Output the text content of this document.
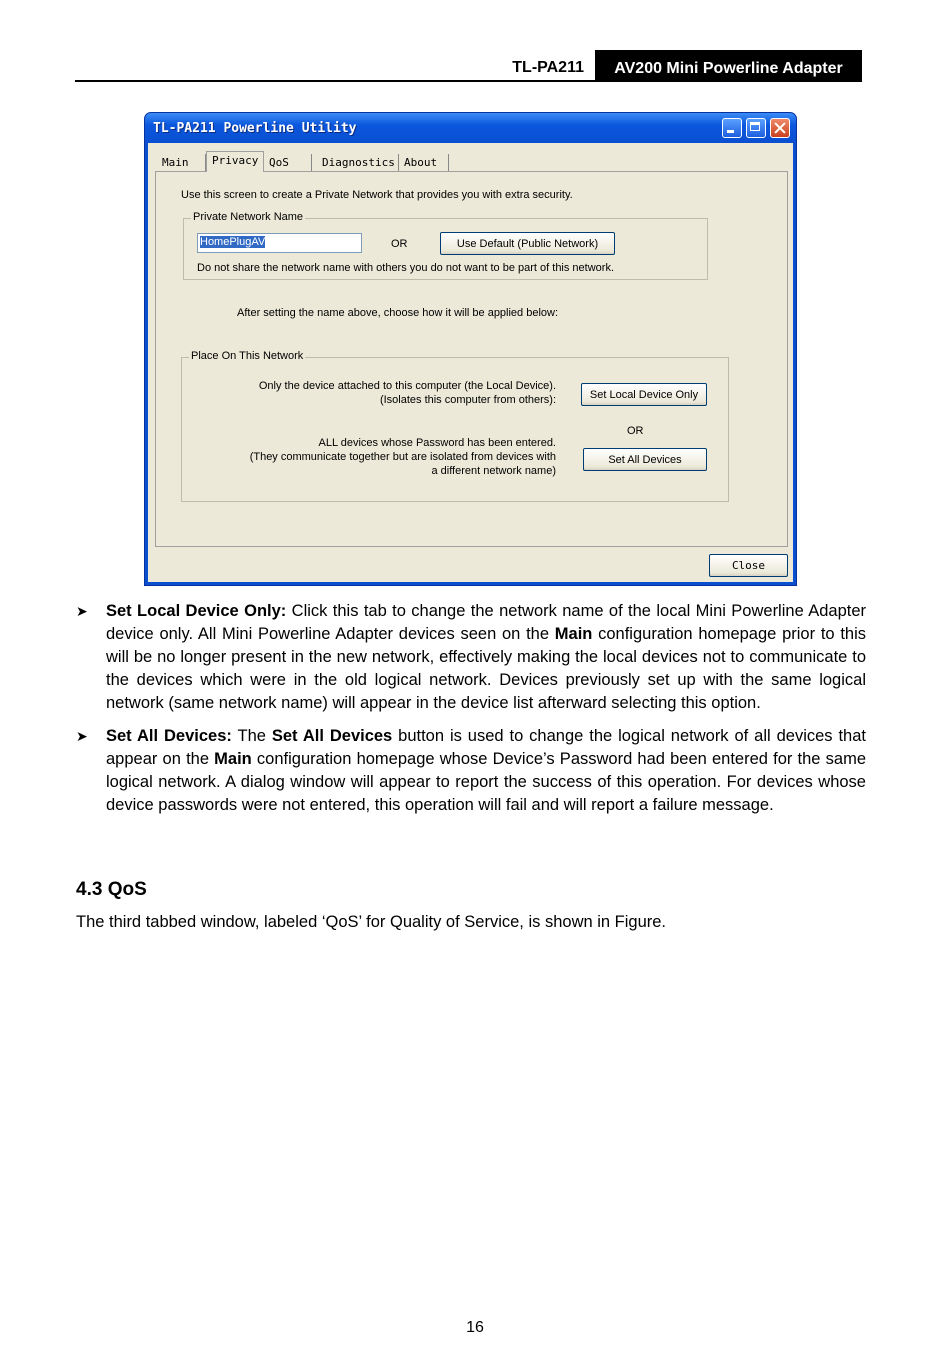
TL-PA211	AV200 Mini Powerline Adapter
TL-PA211 Powerline Utility
Main	Privacy QoS	Diagnostics About
Use this screen to create a Private Network that provides you with extra security.
Private Network Name
HomePlugAV	OR	Use Default (Public Network)
Do not share the network name with others you do not want to be part of this network.
After setting the name above, choose how it will be applied below:
Place On This Network
Only the device attached to this computer (the Local Device).
(Isolates this computer from others):	Set Local Device Only
OR
ALL devices whose Password has been entered.
(They communicate together but are isolated from devices with
a different network name)
Set All Devices
Close
➤ Set Local Device Only: Click this tab to change the network name of the local Mini Powerline Adapter device only. All Mini Powerline Adapter devices seen on the Main configuration homepage prior to this will be no longer present in the new network, effectively making the local devices not to communicate to the devices which were in the old logical network. Devices previously set up with the same logical network (same network name) will appear in the device list afterward selecting this option.
➤ Set All Devices: The Set All Devices button is used to change the logical network of all devices that appear on the Main configuration homepage whose Device’s Password had been entered for the same logical network. A dialog window will appear to report the success of this operation. For devices whose device passwords were not entered, this operation will fail and will report a failure message.
4.3 QoS
The third tabbed window, labeled ‘QoS’ for Quality of Service, is shown in Figure.
16
